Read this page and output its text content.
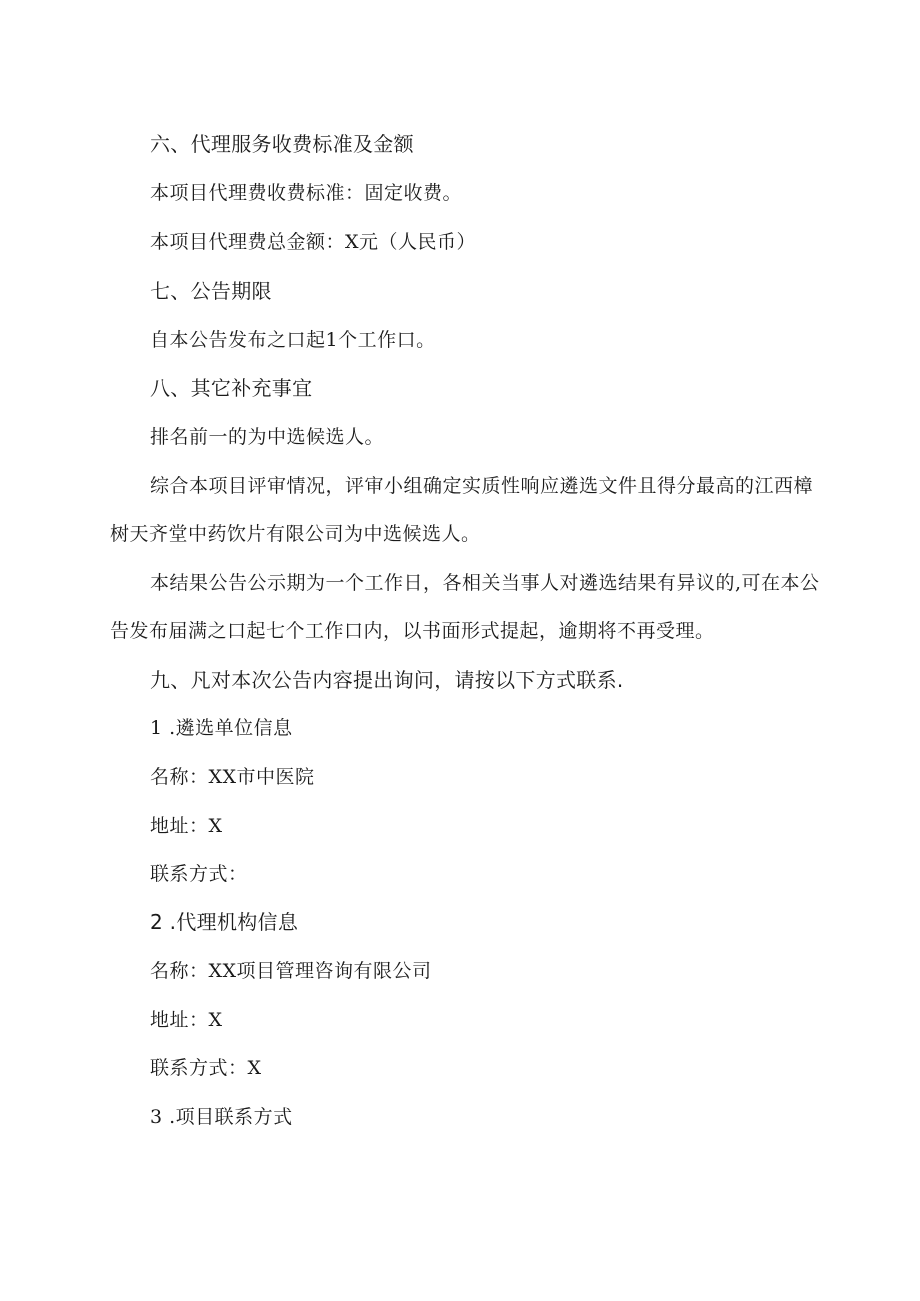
六、代理服务收费标准及金额
本项目代理费收费标准：固定收费。
本项目代理费总金额：X元（人民币）
七、公告期限
自本公告发布之口起1个工作口。
八、其它补充事宜
排名前一的为中选候选人。
综合本项目评审情况，评审小组确定实质性响应遴选文件且得分最高的江西樟
树天齐堂中药饮片有限公司为中选候选人。
本结果公告公示期为一个工作日，各相关当事人对遴选结果有异议的,可在本公
告发布届满之口起七个工作口内，以书面形式提起，逾期将不再受理。
九、凡对本次公告内容提出询问，请按以下方式联系.
1 .遴选单位信息
名称：XX市中医院
地址：X
联系方式：
2 .代理机构信息
名称：XX项目管理咨询有限公司
地址：X
联系方式：X
3 .项目联系方式
